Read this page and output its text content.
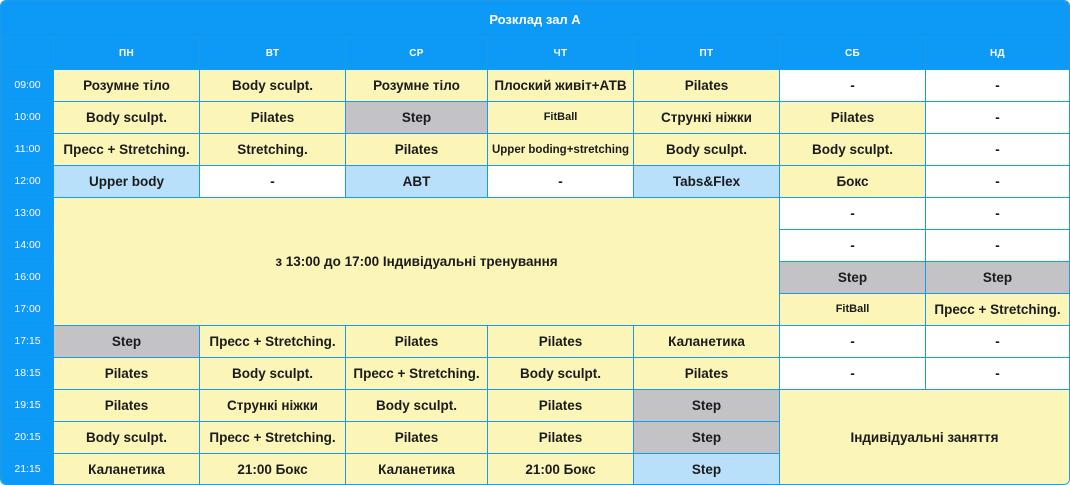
Розклад зал А
	ПН	ВТ	СР	ЧТ	ПТ	СБ	НД
09:00	Розумне тіло	Body sculpt.	Розумне тіло	Плоский живіт+АТВ	Pilates	-	-
10:00	Body sculpt.	Pilates	Step	FitBall	Стрункі ніжки	Pilates	-
11:00	Пресс + Stretching.	Stretching.	Pilates	Upper boding+stretching	Body sculpt.	Body sculpt.	-
12:00	Upper body	-	ABT	-	Tabs&Flex	Бокс	-
13:00	з 13:00 до 17:00 Індивідуальні тренування					-	-
14:00						-	-
16:00						Step	Step
17:00						FitBall	Пресс + Stretching.
17:15	Step	Пресс + Stretching.	Pilates	Pilates	Каланетика	-	-
18:15	Pilates	Body sculpt.	Пресс + Stretching.	Body sculpt.	Pilates	-	-
19:15	Pilates	Стрункі ніжки	Body sculpt.	Pilates	Step	Індивідуальні заняття	
20:15	Body sculpt.	Пресс + Stretching.	Pilates	Pilates	Step		
21:15	Каланетика	21:00 Бокс	Каланетика	21:00 Бокс	Step		
